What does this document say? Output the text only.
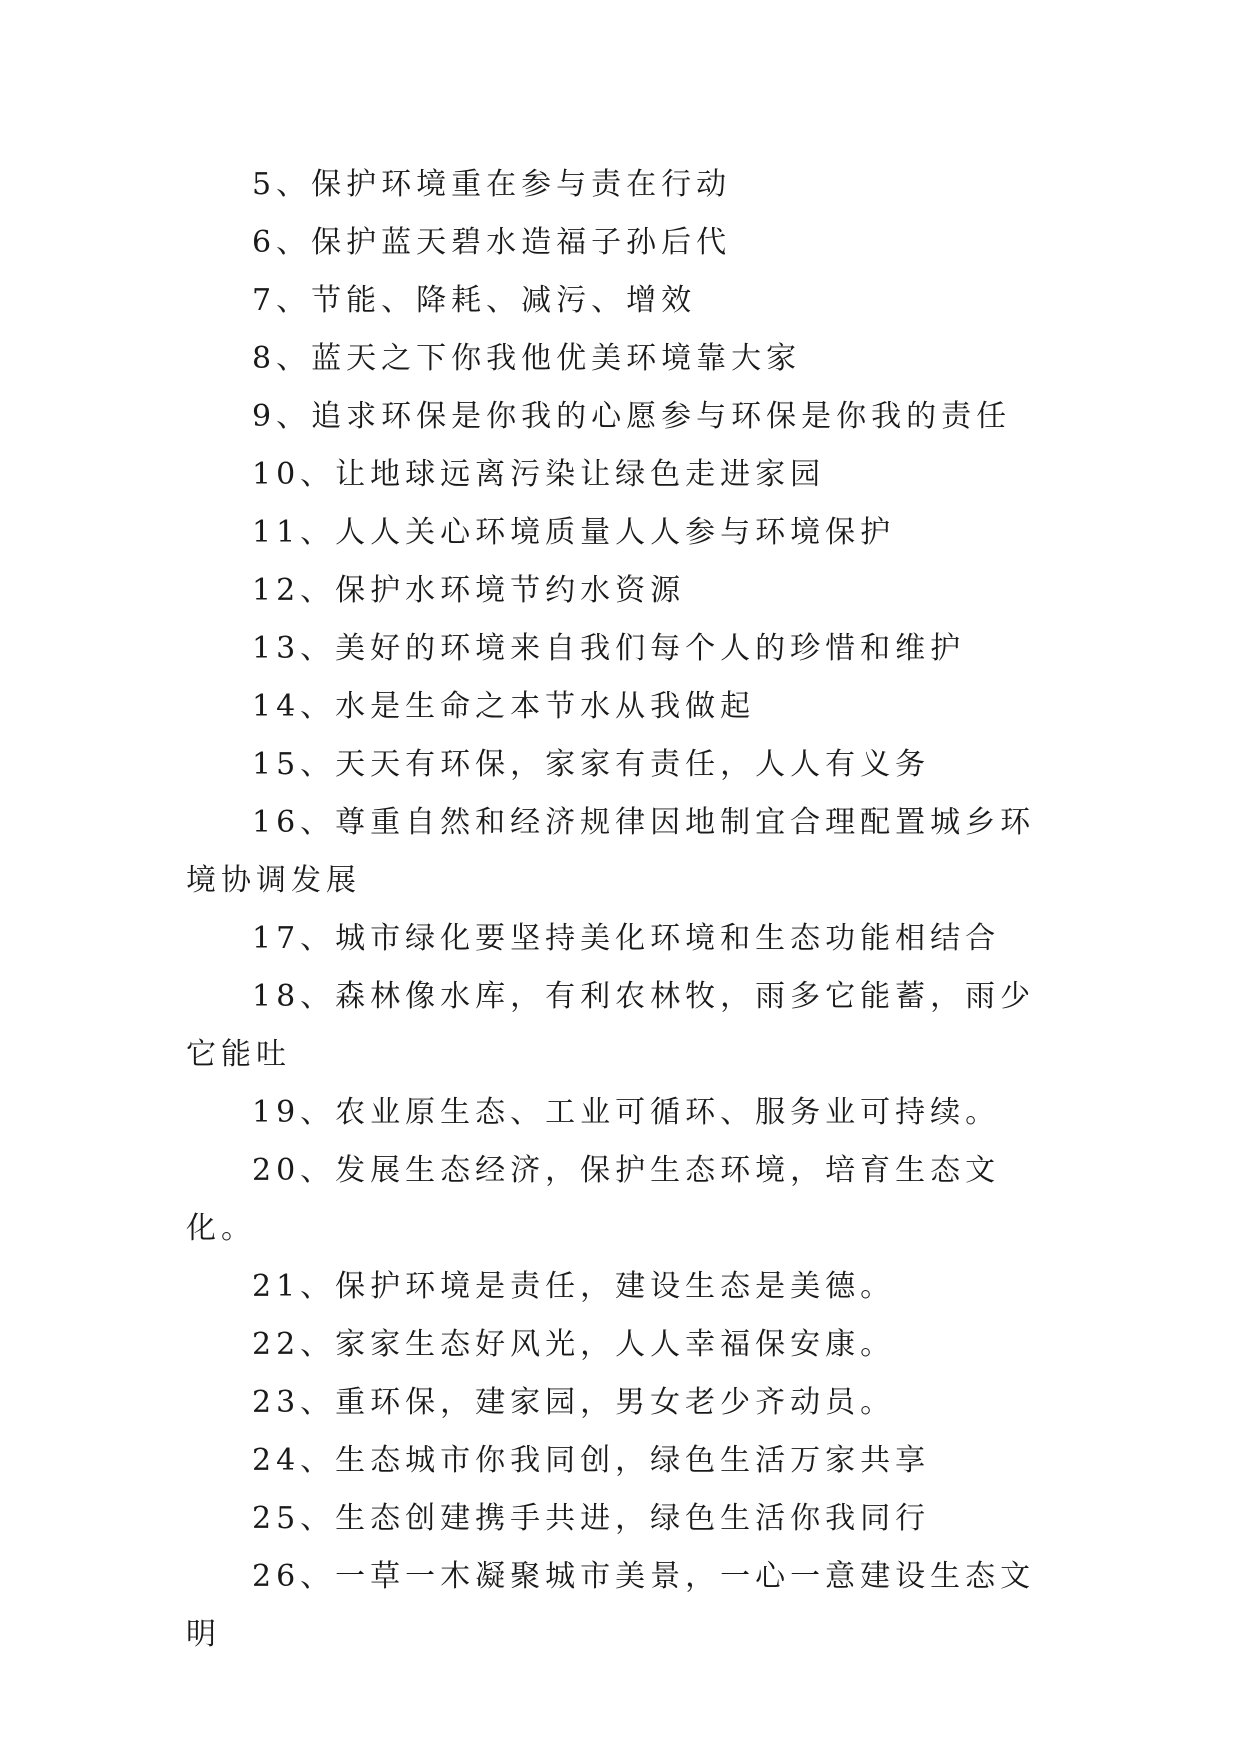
5、保护环境重在参与责在行动

6、保护蓝天碧水造福子孙后代

7、节能、降耗、减污、增效

8、蓝天之下你我他优美环境靠大家

9、追求环保是你我的心愿参与环保是你我的责任

10、让地球远离污染让绿色走进家园

11、人人关心环境质量人人参与环境保护

12、保护水环境节约水资源

13、美好的环境来自我们每个人的珍惜和维护

14、水是生命之本节水从我做起

15、天天有环保，家家有责任，人人有义务

16、尊重自然和经济规律因地制宜合理配置城乡环境协调发展

17、城市绿化要坚持美化环境和生态功能相结合

18、森林像水库，有利农林牧，雨多它能蓄，雨少它能吐

19、农业原生态、工业可循环、服务业可持续。

20、发展生态经济，保护生态环境，培育生态文化。

21、保护环境是责任，建设生态是美德。

22、家家生态好风光，人人幸福保安康。

23、重环保，建家园，男女老少齐动员。

24、生态城市你我同创，绿色生活万家共享

25、生态创建携手共进，绿色生活你我同行

26、一草一木凝聚城市美景，一心一意建设生态文明
